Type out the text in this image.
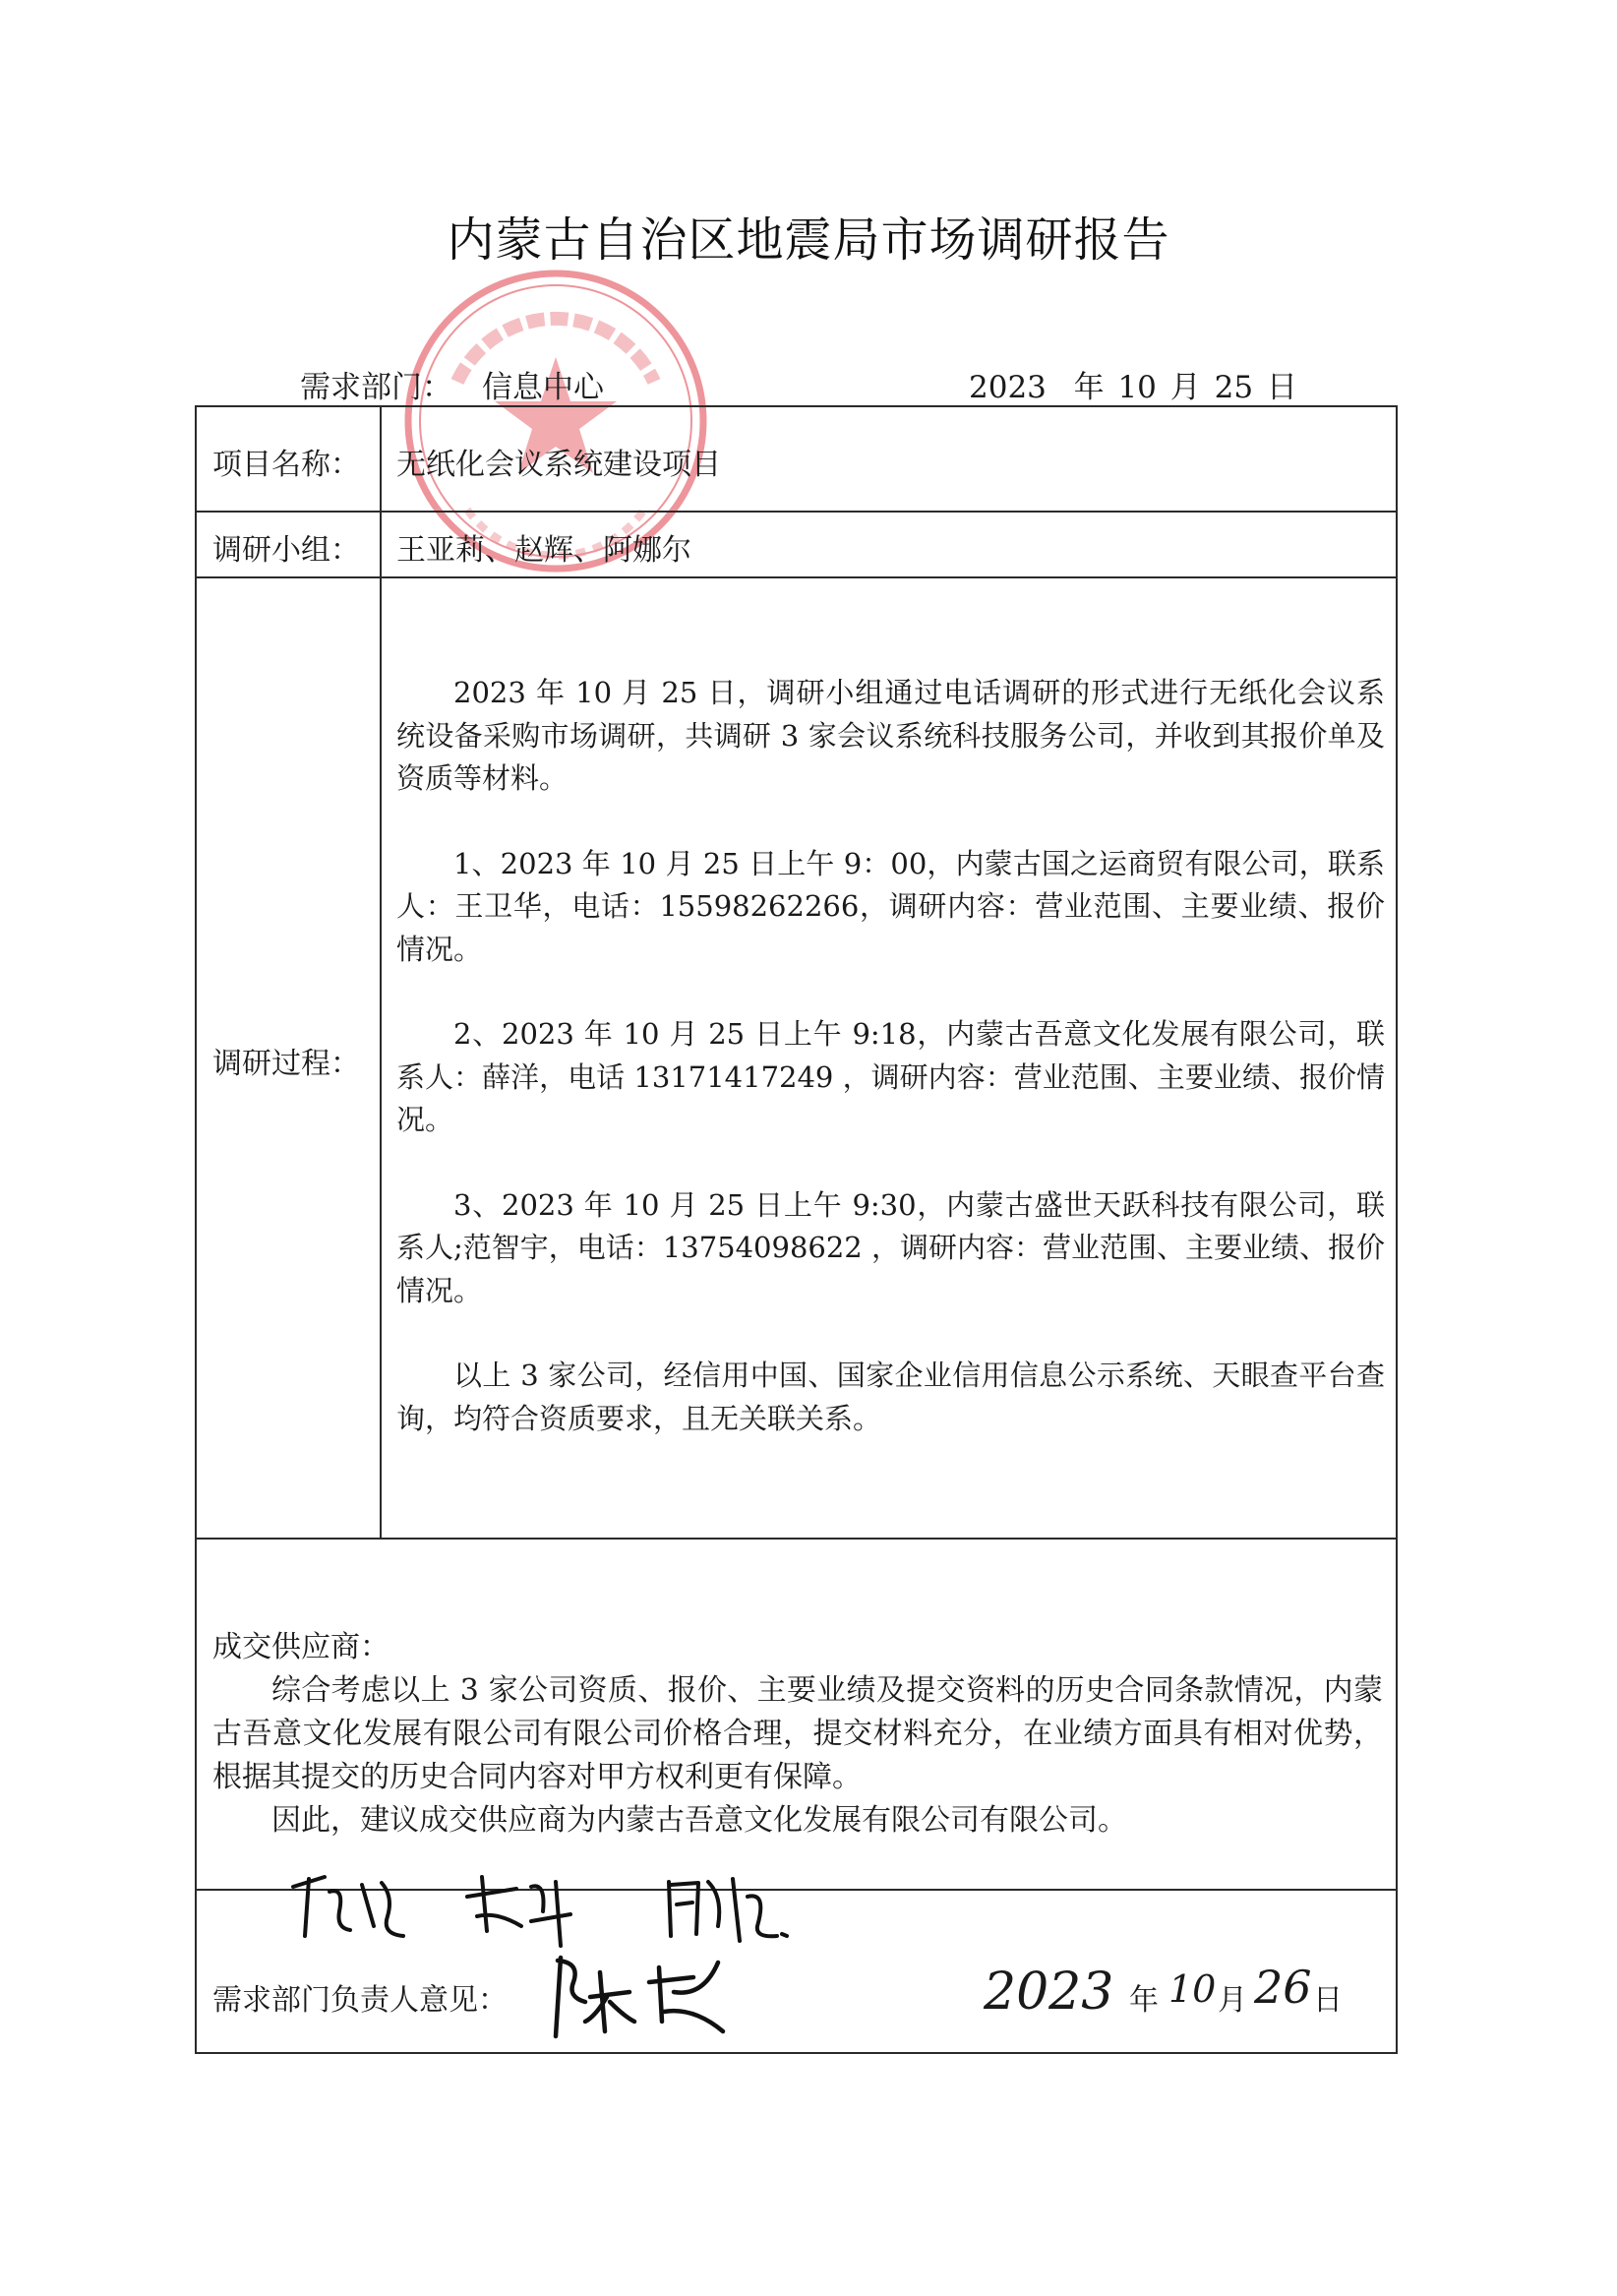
内蒙古自治区地震局市场调研报告
需求部门： 信息中心	2023  年 10 月 25 日
项目名称： 无纸化会议系统建设项目
调研小组： 王亚莉、赵辉、阿娜尔
调研过程：

2023 年 10 月 25 日，调研小组通过电话调研的形式进行无纸化会议系统设备采购市场调研，共调研 3 家会议系统科技服务公司，并收到其报价单及资质等材料。

1、2023 年 10 月 25 日上午 9：00，内蒙古国之运商贸有限公司，联系人：王卫华，电话：15598262266，调研内容：营业范围、主要业绩、报价情况。

2、2023 年 10 月 25 日上午 9:18，内蒙古吾意文化发展有限公司，联系人：薛洋，电话 13171417249 ，调研内容：营业范围、主要业绩、报价情况。

3、2023 年 10 月 25 日上午 9:30，内蒙古盛世天跃科技有限公司，联系人;范智宇，电话：13754098622 ，调研内容：营业范围、主要业绩、报价情况。

以上 3 家公司，经信用中国、国家企业信用信息公示系统、天眼查平台查询，均符合资质要求，且无关联关系。

成交供应商：

综合考虑以上 3 家公司资质、报价、主要业绩及提交资料的历史合同条款情况，内蒙古吾意文化发展有限公司有限公司价格合理，提交材料充分，在业绩方面具有相对优势，根据其提交的历史合同内容对甲方权利更有保障。

因此，建议成交供应商为内蒙古吾意文化发展有限公司有限公司。

需求部门负责人意见：	2023 年 10 月 26 日
